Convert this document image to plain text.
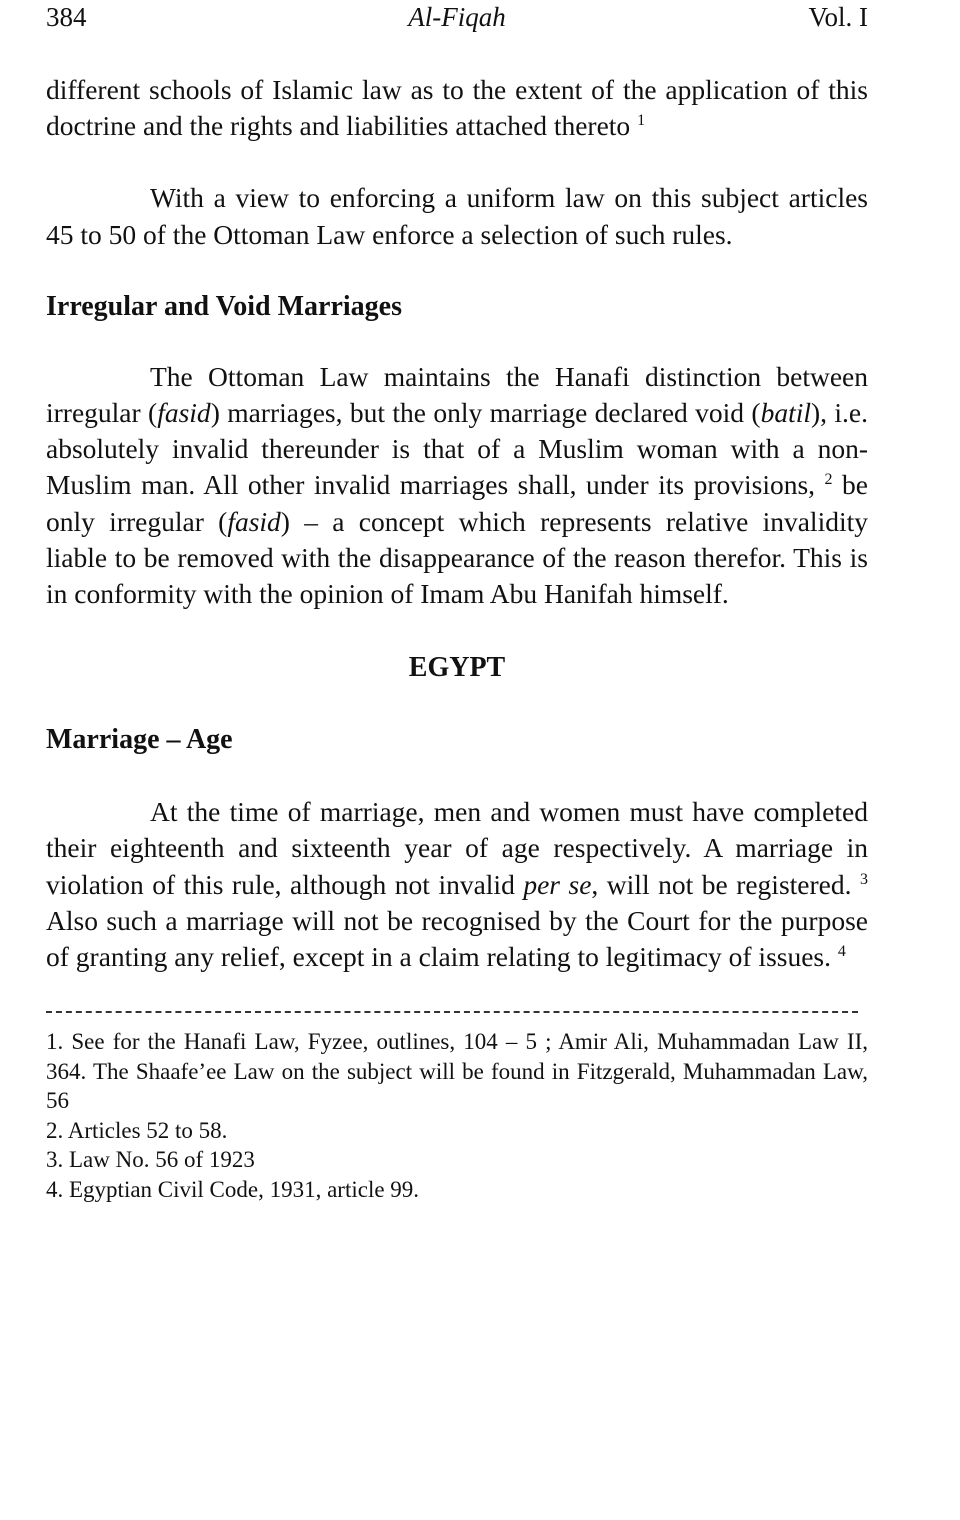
384	Al-Fiqah	Vol. I

different schools of Islamic law as to the extent of the application of this doctrine and the rights and liabilities attached thereto $^1$

With a view to enforcing a uniform law on this subject articles 45 to 50 of the Ottoman Law enforce a selection of such rules.

Irregular and Void Marriages

The Ottoman Law maintains the Hanafi distinction between irregular (fasid) marriages, but the only marriage declared void (batil), i.e. absolutely invalid thereunder is that of a Muslim woman with a non-Muslim man. All other invalid marriages shall, under its provisions, $^2$ be only irregular (fasid) – a concept which represents relative invalidity liable to be removed with the disappearance of the reason therefor. This is in conformity with the opinion of Imam Abu Hanifah himself.

EGYPT
Marriage – Age

At the time of marriage, men and women must have completed their eighteenth and sixteenth year of age respectively. A marriage in violation of this rule, although not invalid per se, will not be registered. $^3$ Also such a marriage will not be recognised by the Court for the purpose of granting any relief, except in a claim relating to legitimacy of issues. $^4$

1. See for the Hanafi Law, Fyzee, outlines, 104 – 5 ; Amir Ali, Muhammadan Law II, 364. The Shaafe’ee Law on the subject will be found in Fitzgerald, Muhammadan Law, 56

2. Articles 52 to 58.

3. Law No. 56 of 1923

4. Egyptian Civil Code, 1931, article 99.
